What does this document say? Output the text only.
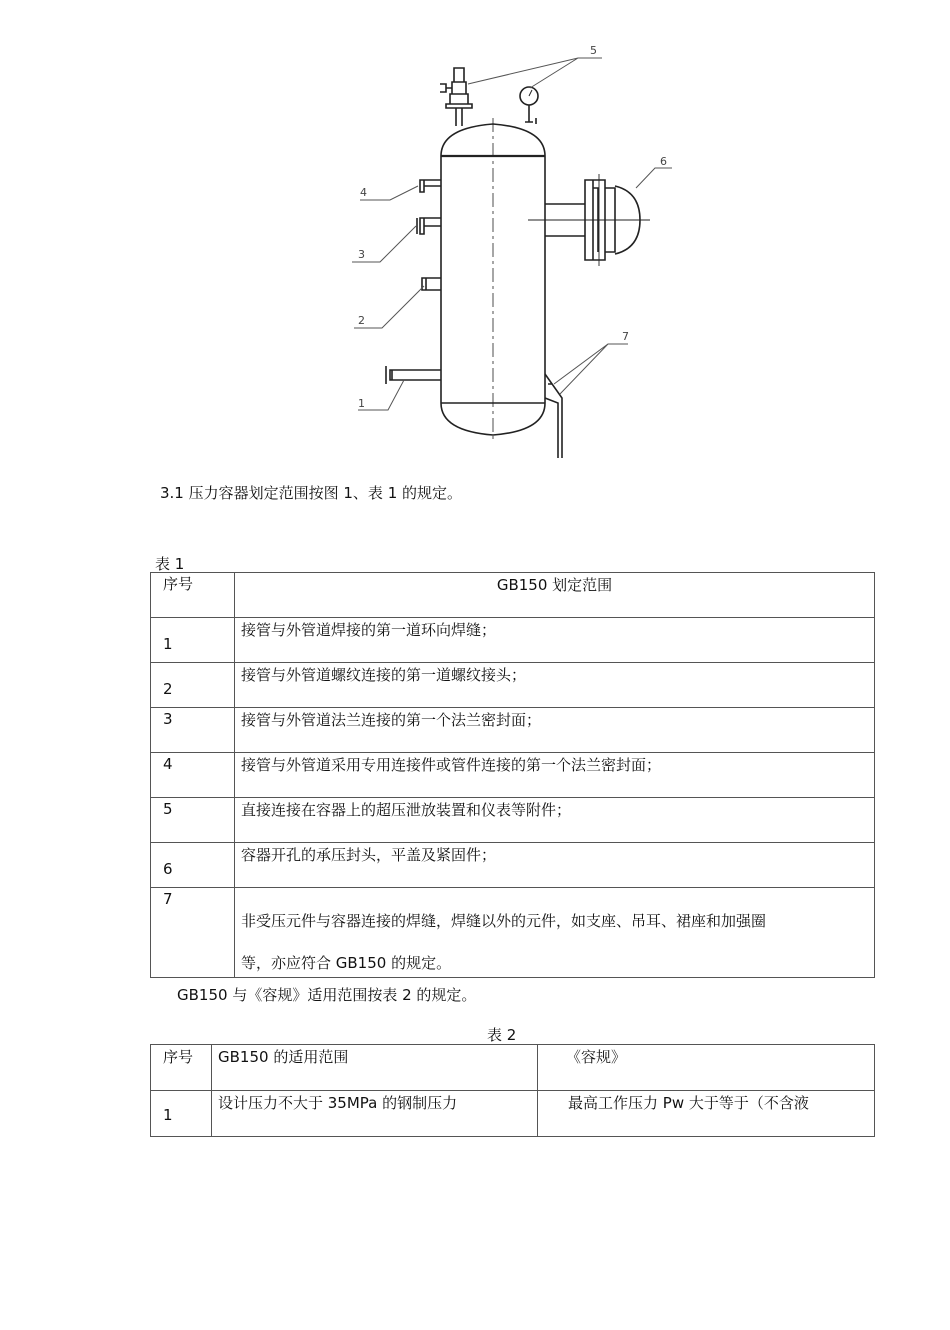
4
3
2
1
5
6
7
3.1 压力容器划定范围按图 1、表 1 的规定。
表 1
序号	GB150 划定范围
1	接管与外管道焊接的第一道环向焊缝；
2	接管与外管道螺纹连接的第一道螺纹接头；
3	接管与外管道法兰连接的第一个法兰密封面；
4	接管与外管道采用专用连接件或管件连接的第一个法兰密封面；
5	直接连接在容器上的超压泄放装置和仪表等附件；
6	容器开孔的承压封头，平盖及紧固件；
7	非受压元件与容器连接的焊缝，焊缝以外的元件，如支座、吊耳、裙座和加强圈
等，亦应符合 GB150 的规定。
GB150 与《容规》适用范围按表 2 的规定。
表 2
序号	GB150 的适用范围	《容规》
1	设计压力不大于 35MPa 的钢制压力	最高工作压力 Pw 大于等于（不含液
